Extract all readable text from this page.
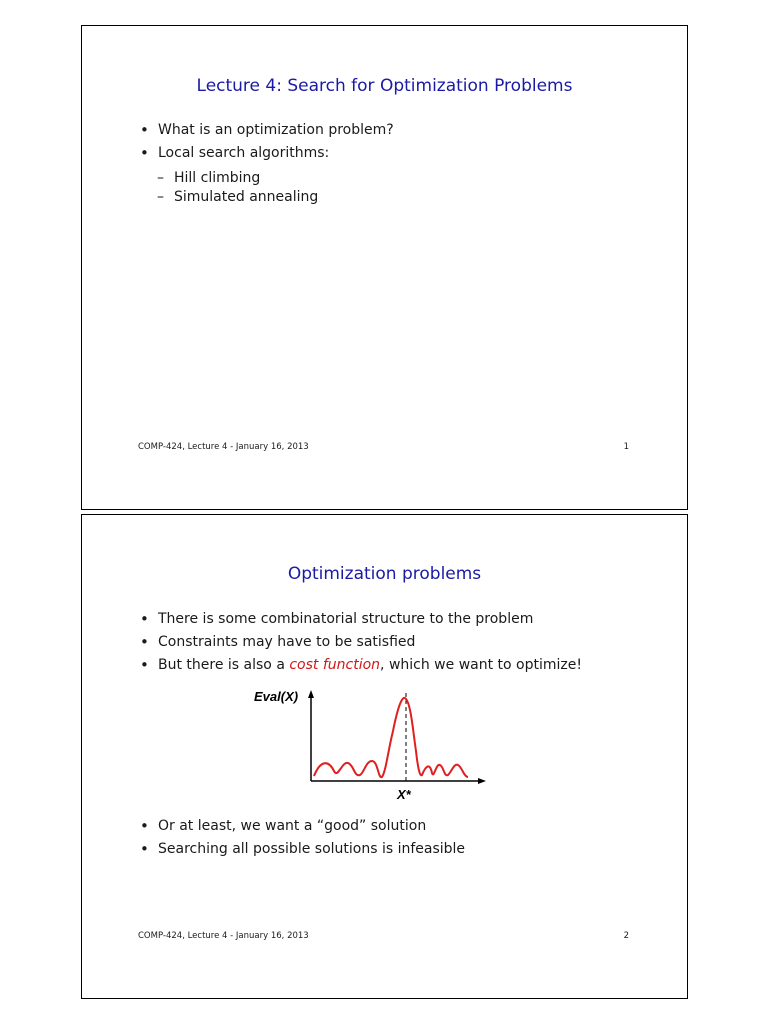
Lecture 4: Search for Optimization Problems
• What is an optimization problem?
• Local search algorithms:
– Hill climbing
– Simulated annealing
COMP-424, Lecture 4 - January 16, 2013	1
Optimization problems
• There is some combinatorial structure to the problem
• Constraints may have to be satisfied
• But there is also a cost function, which we want to optimize!
Eval(X)
X*
• Or at least, we want a “good” solution
• Searching all possible solutions is infeasible
COMP-424, Lecture 4 - January 16, 2013	2
